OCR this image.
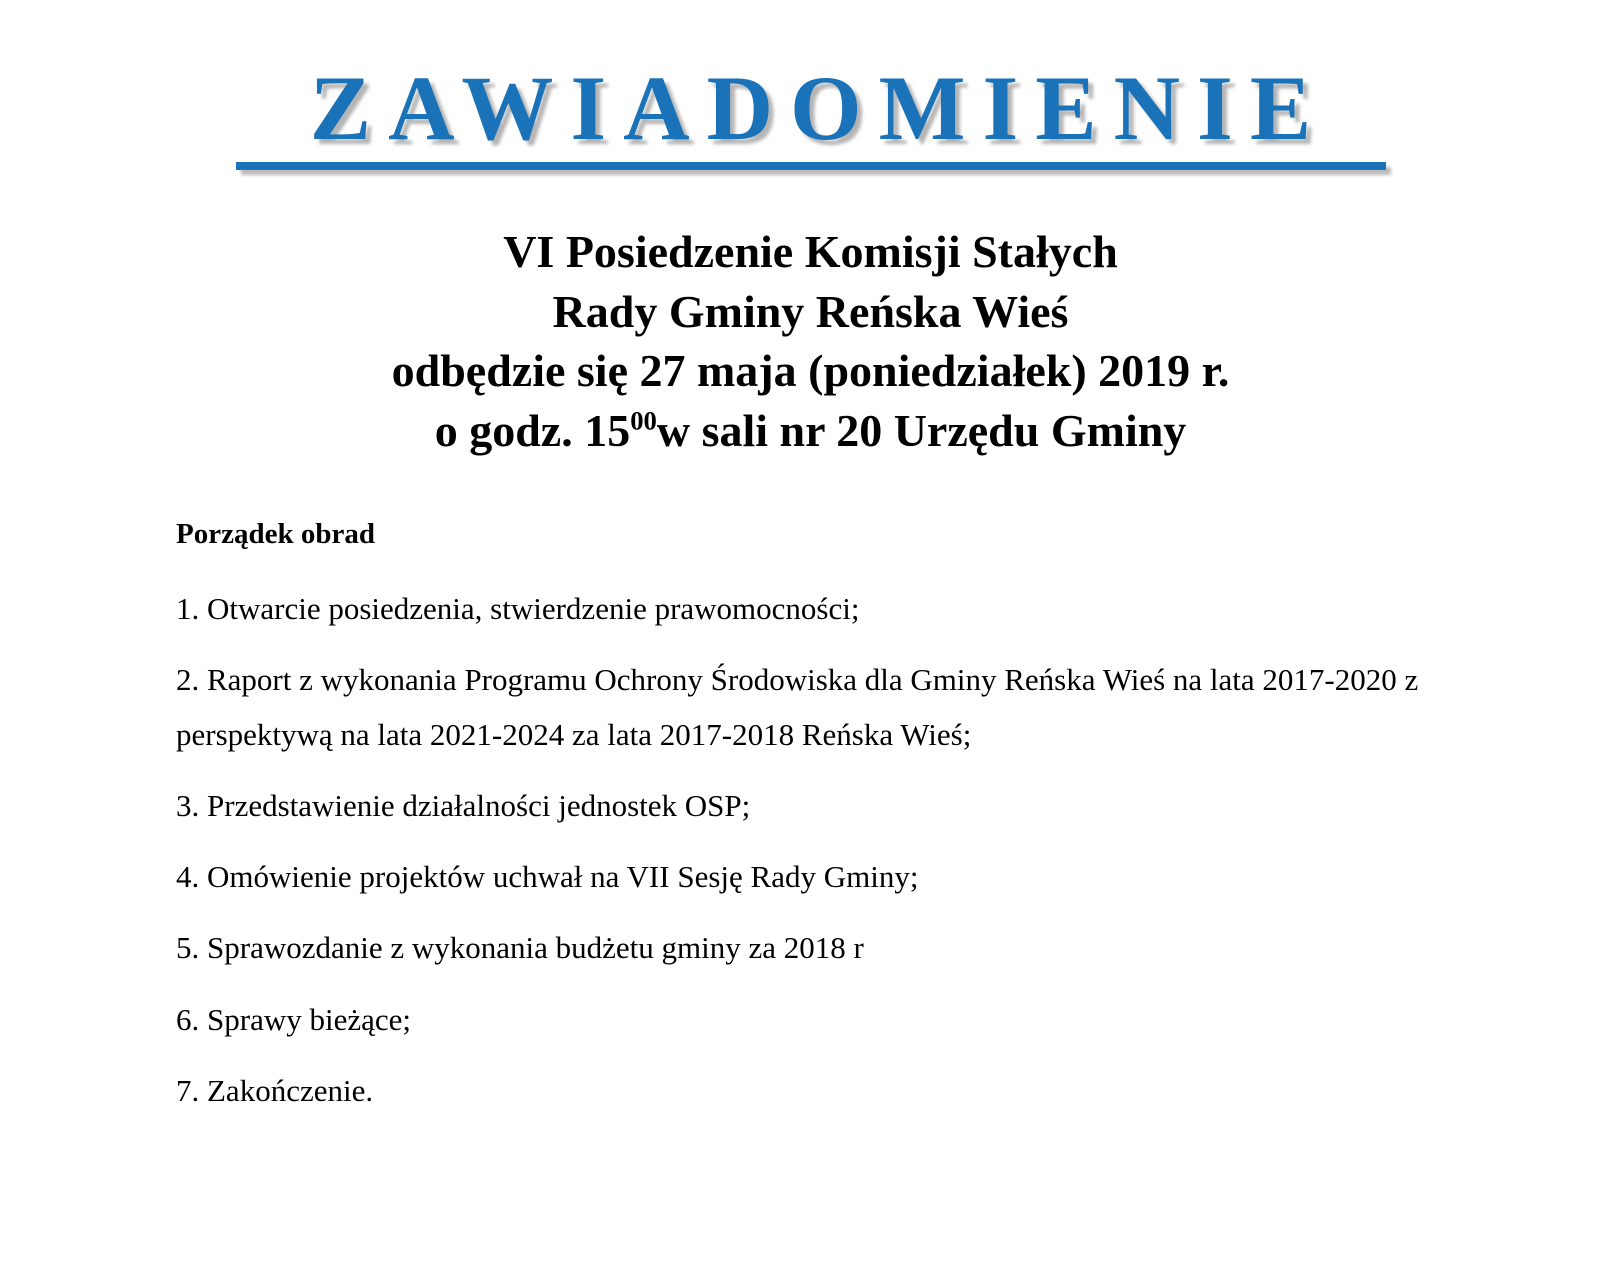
ZAWIADOMIENIE
VI Posiedzenie Komisji Stałych
Rady Gminy Reńska Wieś
odbędzie się 27 maja (poniedziałek) 2019 r.
o godz. $15^{00}w$ sali nr 20 Urzędu Gminy
Porządek obrad

1. Otwarcie posiedzenia, stwierdzenie prawomocności;

2. Raport z wykonania Programu Ochrony Środowiska dla Gminy Reńska Wieś na lata 2017-2020 z perspektywą na lata 2021-2024 za lata 2017-2018 Reńska Wieś;

3. Przedstawienie działalności jednostek OSP;

4. Omówienie projektów uchwał na VII Sesję Rady Gminy;

5. Sprawozdanie z wykonania budżetu gminy za 2018 r

6. Sprawy bieżące;

7. Zakończenie.
